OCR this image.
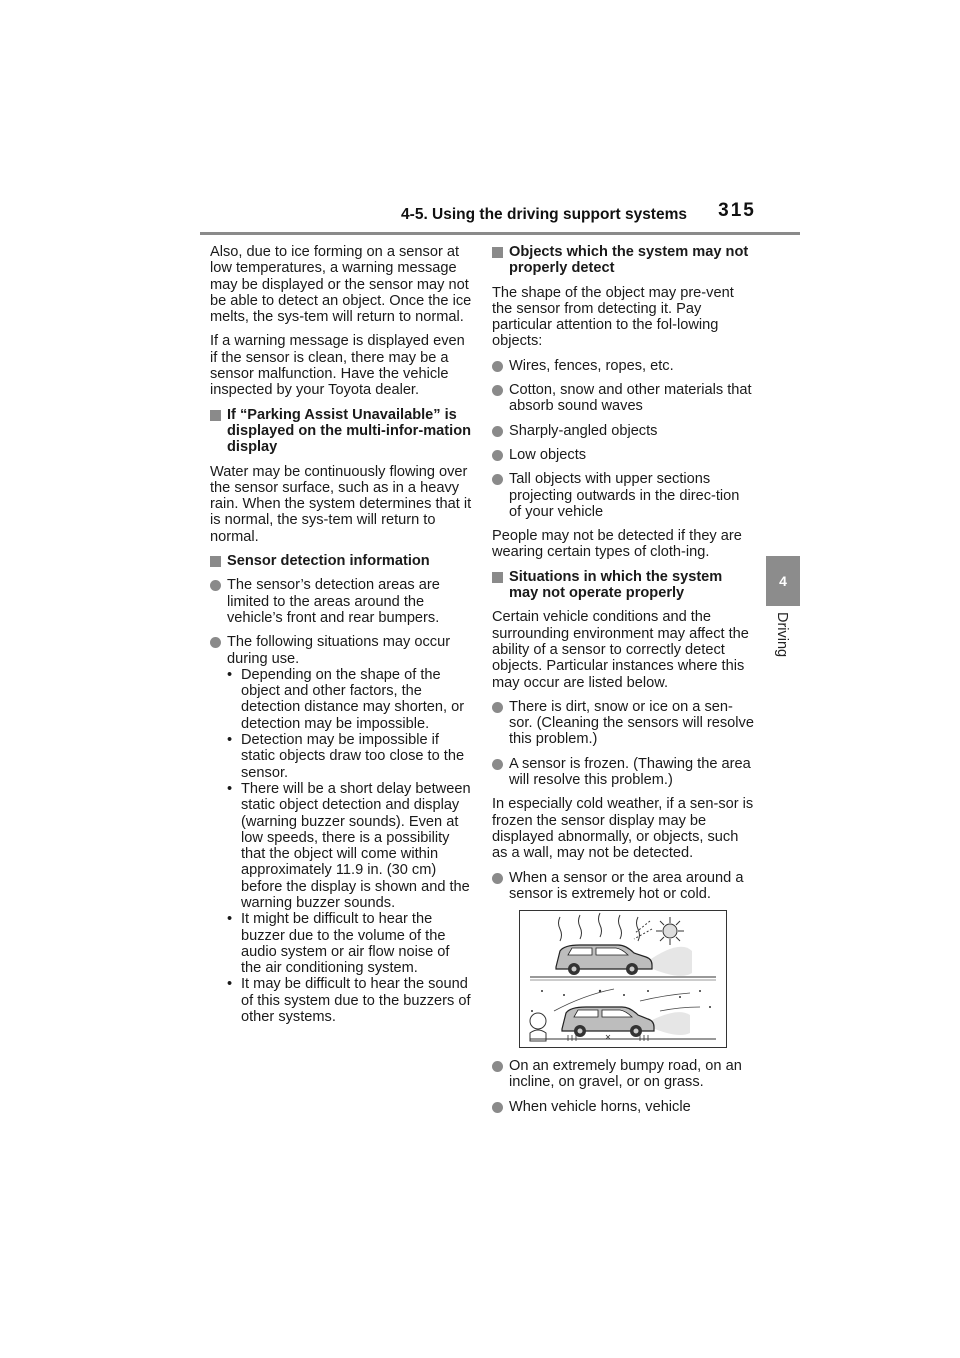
4-5. Using the driving support systems	315
4
Driving

Also, due to ice forming on a sensor at low temperatures, a warning message may be displayed or the sensor may not be able to detect an object. Once the ice melts, the sys-tem will return to normal.

If a warning message is displayed even if the sensor is clean, there may be a sensor malfunction. Have the vehicle inspected by your Toyota dealer.

If “Parking Assist Unavailable” is displayed on the multi-infor-mation display

Water may be continuously flowing over the sensor surface, such as in a heavy rain. When the system determines that it is normal, the sys-tem will return to normal.

Sensor detection information
The sensor’s detection areas are limited to the areas around the vehicle’s front and rear bumpers.
The following situations may occur during use.
• Depending on the shape of the object and other factors, the detection distance may shorten, or detection may be impossible.
• Detection may be impossible if static objects draw too close to the sensor.
• There will be a short delay between static object detection and display (warning buzzer sounds). Even at low speeds, there is a possibility that the object will come within approximately 11.9 in. (30 cm) before the display is shown and the warning buzzer sounds.
• It might be difficult to hear the buzzer due to the volume of the audio system or air flow noise of the air conditioning system.
• It may be difficult to hear the sound of this system due to the buzzers of other systems.
Objects which the system may not properly detect

The shape of the object may pre-vent the sensor from detecting it. Pay particular attention to the fol-lowing objects:

Wires, fences, ropes, etc.
Cotton, snow and other materials that absorb sound waves
Sharply-angled objects
Low objects
Tall objects with upper sections projecting outwards in the direc-tion of your vehicle

People may not be detected if they are wearing certain types of cloth-ing.

Situations in which the system may not operate properly

Certain vehicle conditions and the surrounding environment may affect the ability of a sensor to correctly detect objects. Particular instances where this may occur are listed below.

There is dirt, snow or ice on a sen-sor. (Cleaning the sensors will resolve this problem.)
A sensor is frozen. (Thawing the area will resolve this problem.)

In especially cold weather, if a sen-sor is frozen the sensor display may be displayed abnormally, or objects, such as a wall, may not be detected.

When a sensor or the area around a sensor is extremely hot or cold.
On an extremely bumpy road, on an incline, on gravel, or on grass.
When vehicle horns, vehicle
